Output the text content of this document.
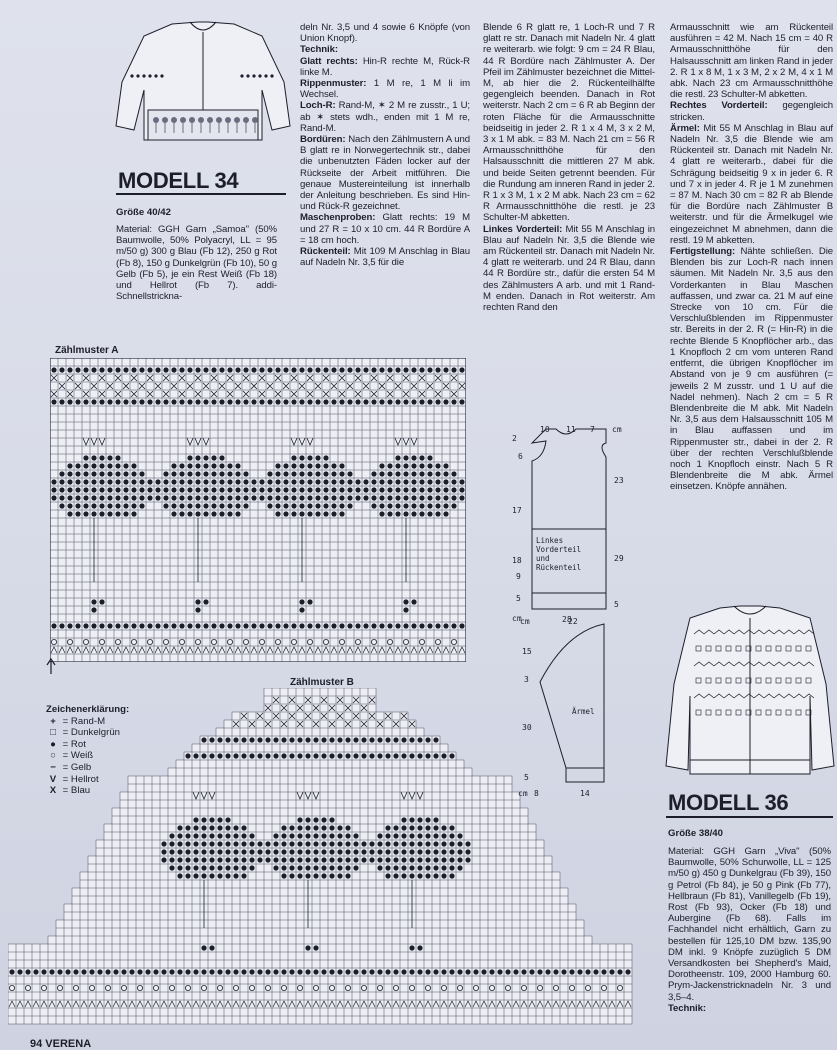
MODELL 34
Größe 40/42

Material: GGH Garn „Samoa" (50% Baumwolle, 50% Polyacryl, LL = 95 m/50 g) 300 g Blau (Fb 12), 250 g Rot (Fb 8), 150 g Dunkelgrün (Fb 10), 50 g Gelb (Fb 5), je ein Rest Weiß (Fb 18) und Hellrot (Fb 7). addi-Schnellstrickna-

deln Nr. 3,5 und 4 sowie 6 Knöpfe (von Union Knopf).

Technik:

Glatt rechts: Hin-R rechte M, Rück-R linke M.

Rippenmuster: 1 M re, 1 M li im Wechsel.

Loch-R: Rand-M, ✶ 2 M re zusstr., 1 U; ab ✶ stets wdh., enden mit 1 M re, Rand-M.

Bordüren: Nach den Zählmustern A und B glatt re in Norwegertechnik str., dabei die unbenutzten Fäden locker auf der Rückseite der Arbeit mitführen. Die genaue Mustereinteilung ist innerhalb der Anleitung beschrieben. Es sind Hin- und Rück-R gezeichnet.

Maschenproben: Glatt rechts: 19 M und 27 R = 10 x 10 cm. 44 R Bordüre A = 18 cm hoch.

Rückenteil: Mit 109 M Anschlag in Blau auf Nadeln Nr. 3,5 für die

Blende 6 R glatt re, 1 Loch-R und 7 R glatt re str. Danach mit Nadeln Nr. 4 glatt re weiterarb. wie folgt: 9 cm = 24 R Blau, 44 R Bordüre nach Zählmuster A. Der Pfeil im Zählmuster bezeichnet die Mittel-M, ab hier die 2. Rückenteilhälfte gegengleich beenden. Danach in Rot weiterstr. Nach 2 cm = 6 R ab Beginn der roten Fläche für die Armausschnitte beidseitig in jeder 2. R 1 x 4 M, 3 x 2 M, 3 x 1 M abk. = 83 M. Nach 21 cm = 56 R Armausschnitthöhe für den Halsausschnitt die mittleren 27 M abk. und beide Seiten getrennt beenden. Für die Rundung am inneren Rand in jeder 2. R 1 x 3 M, 1 x 2 M abk. Nach 23 cm = 62 R Armausschnitthöhe die restl. je 23 Schulter-M abketten.

Linkes Vorderteil: Mit 55 M Anschlag in Blau auf Nadeln Nr. 3,5 die Blende wie am Rückenteil str. Danach mit Nadeln Nr. 4 glatt re weiterarb. und 24 R Blau, dann 44 R Bordüre str., dafür die ersten 54 M des Zählmusters A arb. und mit 1 Rand-M enden. Danach in Rot weiterstr. Am rechten Rand den

Armausschnitt wie am Rückenteil ausführen = 42 M. Nach 15 cm = 40 R Armausschnitthöhe für den Halsausschnitt am linken Rand in jeder 2. R 1 x 8 M, 1 x 3 M, 2 x 2 M, 4 x 1 M abk. Nach 23 cm Armausschnitthöhe die restl. 23 Schulter-M abketten.

Rechtes Vorderteil: gegengleich stricken.

Ärmel: Mit 55 M Anschlag in Blau auf Nadeln Nr. 3,5 die Blende wie am Rückenteil str. Danach mit Nadeln Nr. 4 glatt re weiterarb., dabei für die Schrägung beidseitig 9 x in jeder 6. R und 7 x in jeder 4. R je 1 M zunehmen = 87 M. Nach 30 cm = 82 R ab Blende für die Bordüre nach Zählmuster B weiterstr. und für die Ärmelkugel wie eingezeichnet M abnehmen, dann die restl. 19 M abketten.

Fertigstellung: Nähte schließen. Die Blenden bis zur Loch-R nach innen säumen. Mit Nadeln Nr. 3,5 aus den Vorderkanten in Blau Maschen auffassen, und zwar ca. 21 M auf eine Strecke von 10 cm. Für die Verschlußblenden im Rippenmuster str. Bereits in der 2. R (= Hin-R) in die rechte Blende 5 Knopflöcher arb., das 1 Knopfloch 2 cm vom unteren Rand entfernt, die übrigen Knopflöcher im Abstand von je 9 cm ausführen (= jeweils 2 M zusstr. und 1 U auf die Nadel nehmen). Nach 2 cm = 5 R Blendenbreite die M abk. Mit Nadeln Nr. 3,5 aus dem Halsausschnitt 105 M in Blau auffassen und im Rippenmuster str., dabei in der 2. R über der rechten Verschlußblende noch 1 Knopfloch einstr. Nach 5 R Blendenbreite die M abk. Ärmel einsetzen. Knöpfe annähen.

Zählmuster A
Zeichenerklärung:
+ = Rand-M
□ = Dunkelgrün
● = Rot
○ = Weiß
− = Gelb
V = Hellrot
X = Blau
Zählmuster B
10 11 7 cm
2
6
17
18
9
5
cm
23
29
5
Linkes
Vorderteil
und
Rückenteil
28
cm	22
15
3
30
5
cm
Ärmel
8	14	MODELL 36
Größe 38/40

Material: GGH Garn „Viva" (50% Baumwolle, 50% Schurwolle, LL = 125 m/50 g) 450 g Dunkelgrau (Fb 39), 150 g Petrol (Fb 84), je 50 g Pink (Fb 77), Hellbraun (Fb 81), Vanillegelb (Fb 19), Rost (Fb 93), Ocker (Fb 18) und Aubergine (Fb 68). Falls im Fachhandel nicht erhältlich, Garn zu bestellen für 125,10 DM bzw. 135,90 DM inkl. 9 Knöpfe zuzüglich 5 DM Versandkosten bei Shepherd's Maid, Dorotheenstr. 109, 2000 Hamburg 60. Prym-Jackenstricknadeln Nr. 3 und 3,5–4.

Technik:

94 VERENA
